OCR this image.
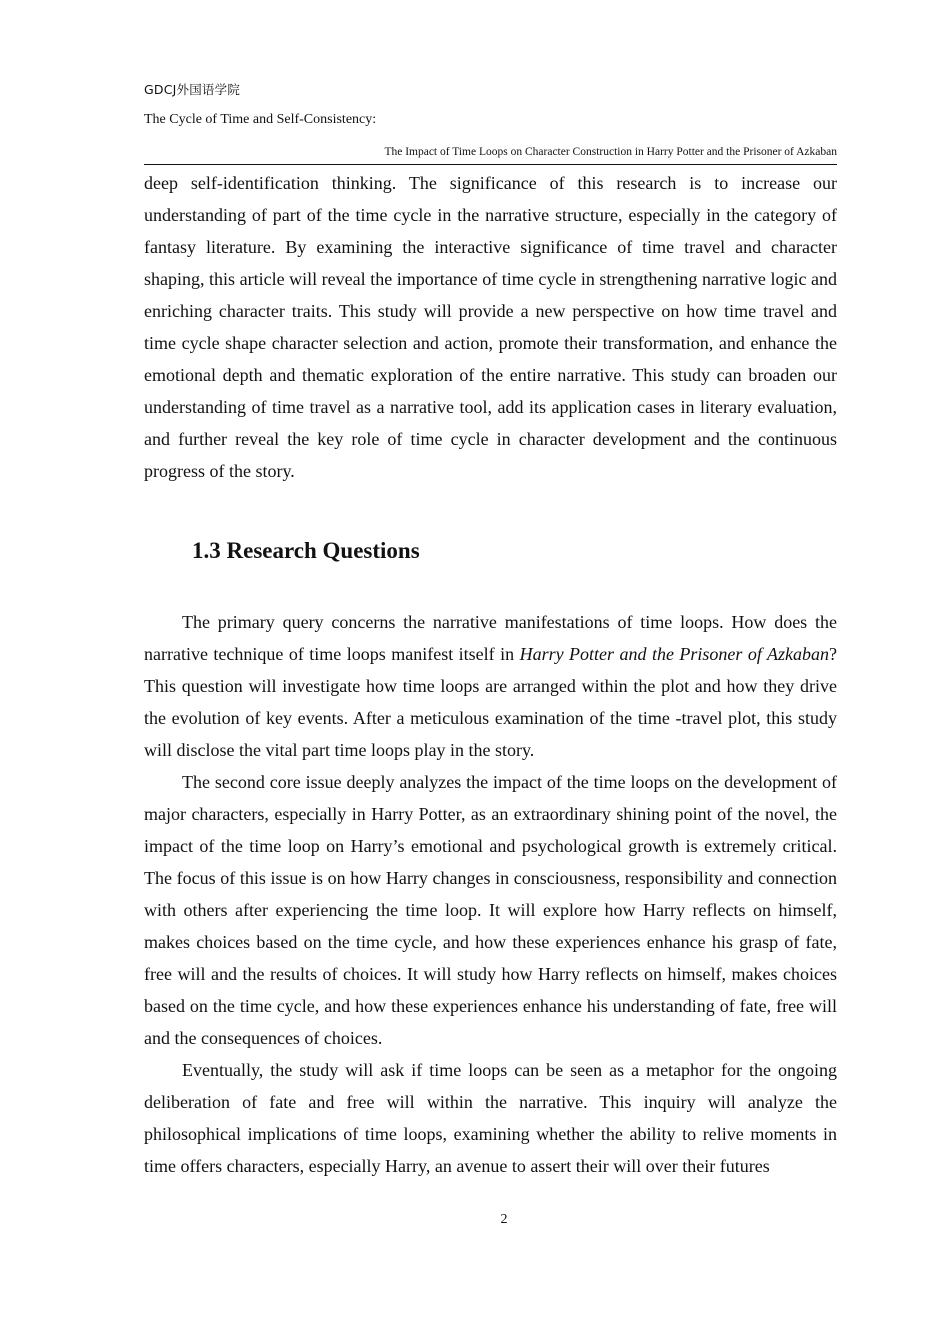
GDCJ外国语学院
The Cycle of Time and Self-Consistency:
The Impact of Time Loops on Character Construction in Harry Potter and the Prisoner of Azkaban

deep self-identification thinking. The significance of this research is to increase our understanding of part of the time cycle in the narrative structure, especially in the category of fantasy literature. By examining the interactive significance of time travel and character shaping, this article will reveal the importance of time cycle in strengthening narrative logic and enriching character traits. This study will provide a new perspective on how time travel and time cycle shape character selection and action, promote their transformation, and enhance the emotional depth and thematic exploration of the entire narrative. This study can broaden our understanding of time travel as a narrative tool, add its application cases in literary evaluation, and further reveal the key role of time cycle in character development and the continuous progress of the story.

1.3 Research Questions

The primary query concerns the narrative manifestations of time loops. How does the narrative technique of time loops manifest itself in Harry Potter and the Prisoner of Azkaban? This question will investigate how time loops are arranged within the plot and how they drive the evolution of key events. After a meticulous examination of the time -travel plot, this study will disclose the vital part time loops play in the story.

The second core issue deeply analyzes the impact of the time loops on the development of major characters, especially in Harry Potter, as an extraordinary shining point of the novel, the impact of the time loop on Harry’s emotional and psychological growth is extremely critical. The focus of this issue is on how Harry changes in consciousness, responsibility and connection with others after experiencing the time loop. It will explore how Harry reflects on himself, makes choices based on the time cycle, and how these experiences enhance his grasp of fate, free will and the results of choices. It will study how Harry reflects on himself, makes choices based on the time cycle, and how these experiences enhance his understanding of fate, free will and the consequences of choices.

Eventually, the study will ask if time loops can be seen as a metaphor for the ongoing deliberation of fate and free will within the narrative. This inquiry will analyze the philosophical implications of time loops, examining whether the ability to relive moments in time offers characters, especially Harry, an avenue to assert their will over their futures

2
